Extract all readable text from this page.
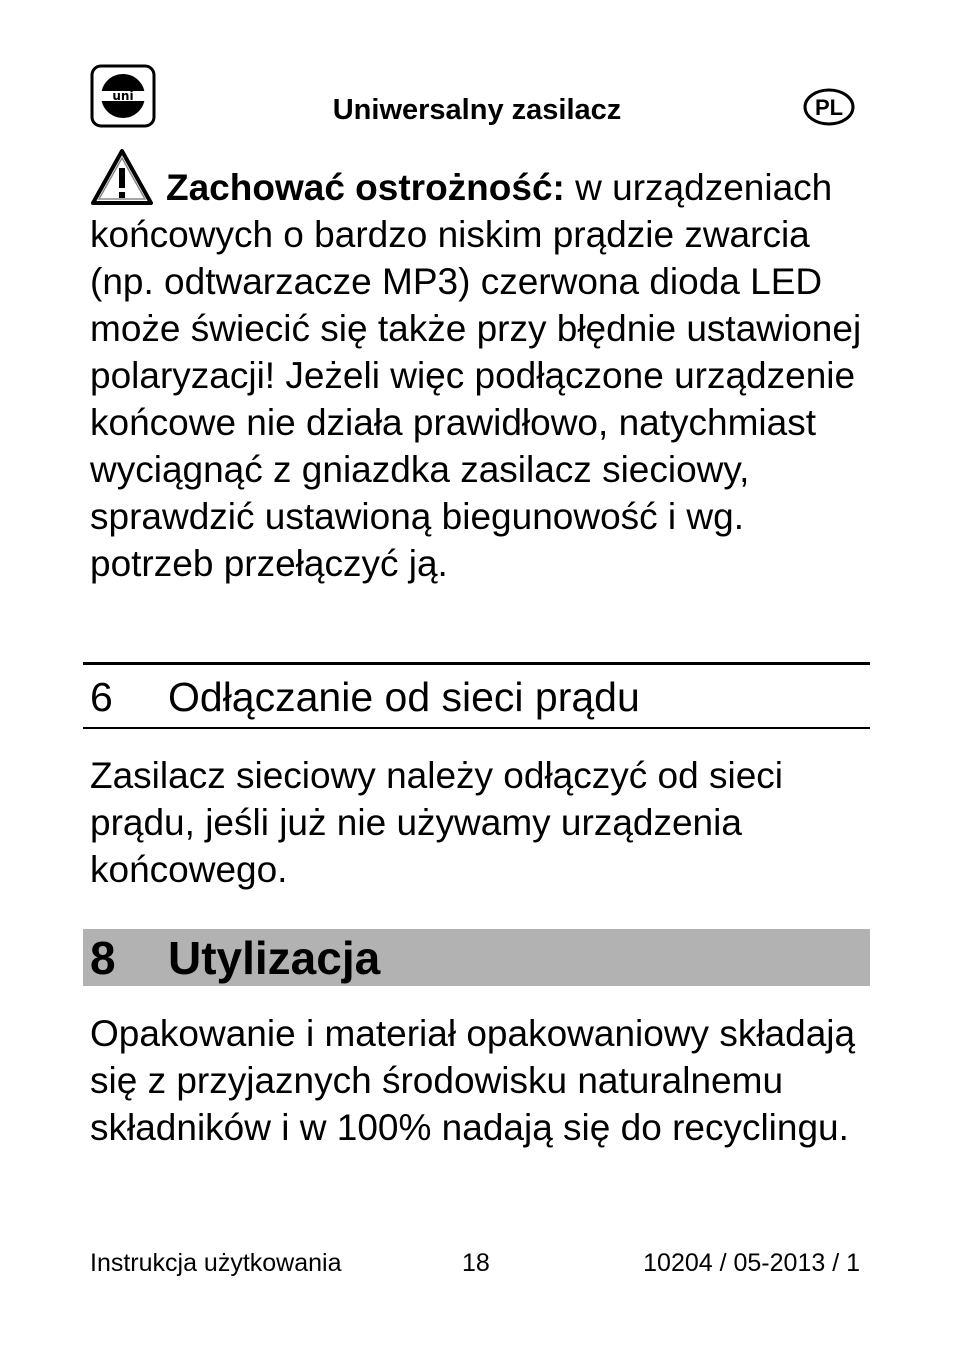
uni	Uniwersalny zasilacz	PL
Zachować ostrożność: w urządzeniach końcowych o bardzo niskim prądzie zwarcia (np. odtwarzacze MP3) czerwona dioda LED może świecić się także przy błędnie ustawionej polaryzacji! Jeżeli więc podłączone urządzenie końcowe nie działa prawidłowo, natychmiast wyciągnąć z gniazdka zasilacz sieciowy, sprawdzić ustawioną biegunowość i wg. potrzeb przełączyć ją.
6 Odłączanie od sieci prądu
Zasilacz sieciowy należy odłączyć od sieci prądu, jeśli już nie używamy urządzenia końcowego.
8 Utylizacja
Opakowanie i materiał opakowaniowy składają się z przyjaznych środowisku naturalnemu składników i w 100% nadają się do recyclingu.
Instrukcja użytkowania	18	10204 / 05-2013 / 1
